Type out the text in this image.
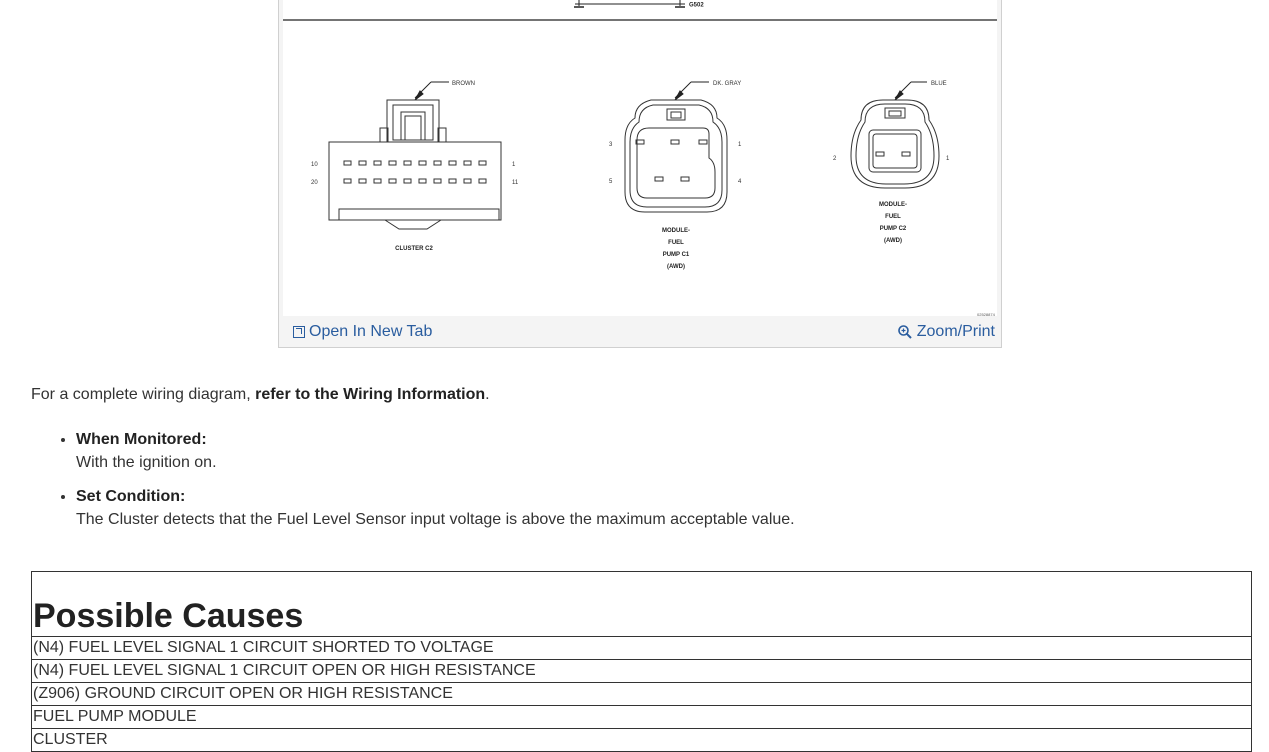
G502
BROWN
10
20
1
11
CLUSTER C2
DK. GRAY
3
5
1
4
MODULE-
FUEL
PUMP C1
(AWD)
BLUE
2	1
MODULE-
FUEL
PUMP C2
(AWD)
02528874
Open In New Tab	Zoom/Print

For a complete wiring diagram, refer to the Wiring Information.

• When Monitored:
With the ignition on.
• Set Condition:
The Cluster detects that the Fuel Level Sensor input voltage is above the maximum acceptable value.
Possible Causes
(N4) FUEL LEVEL SIGNAL 1 CIRCUIT SHORTED TO VOLTAGE
(N4) FUEL LEVEL SIGNAL 1 CIRCUIT OPEN OR HIGH RESISTANCE
(Z906) GROUND CIRCUIT OPEN OR HIGH RESISTANCE
FUEL PUMP MODULE
CLUSTER
